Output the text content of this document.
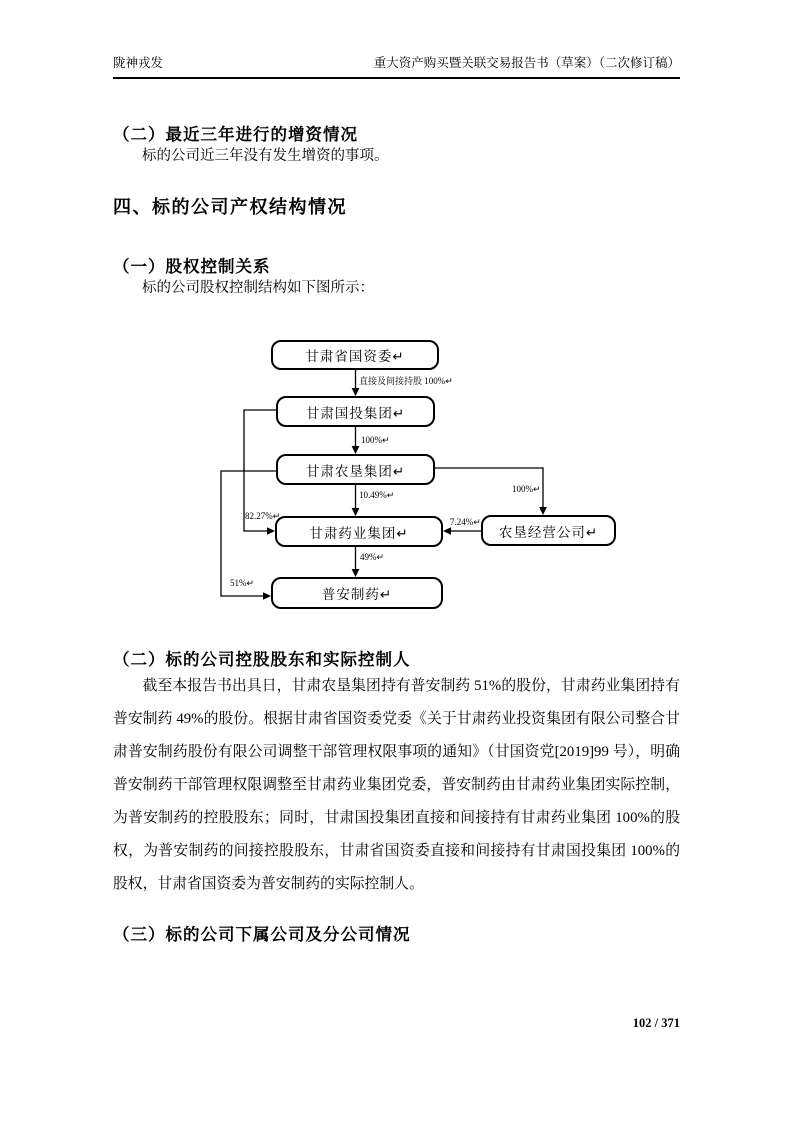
陇神戎发	重大资产购买暨关联交易报告书（草案）（二次修订稿）
（二）最近三年进行的增资情况

标的公司近三年没有发生增资的事项。

四、标的公司产权结构情况
（一）股权控制关系

标的公司股权控制结构如下图所示：

甘肃省国资委↵
甘肃国投集团↵
甘肃农垦集团↵
甘肃药业集团↵
普安制药↵
农垦经营公司↵
直接及间接持股 100%↵
100%↵
10.49%↵
82.27%↵
100%↵
7.24%↵
49%↵
51%↵
（二）标的公司控股股东和实际控制人

截至本报告书出具日，甘肃农垦集团持有普安制药 51%的股份，甘肃药业集团持有普安制药 49%的股份。根据甘肃省国资委党委《关于甘肃药业投资集团有限公司整合甘肃普安制药股份有限公司调整干部管理权限事项的通知》（甘国资党[2019]99 号），明确普安制药干部管理权限调整至甘肃药业集团党委，普安制药由甘肃药业集团实际控制，为普安制药的控股股东；同时，甘肃国投集团直接和间接持有甘肃药业集团 100%的股权，为普安制药的间接控股股东，甘肃省国资委直接和间接持有甘肃国投集团 100%的股权，甘肃省国资委为普安制药的实际控制人。

（三）标的公司下属公司及分公司情况
102 / 371
